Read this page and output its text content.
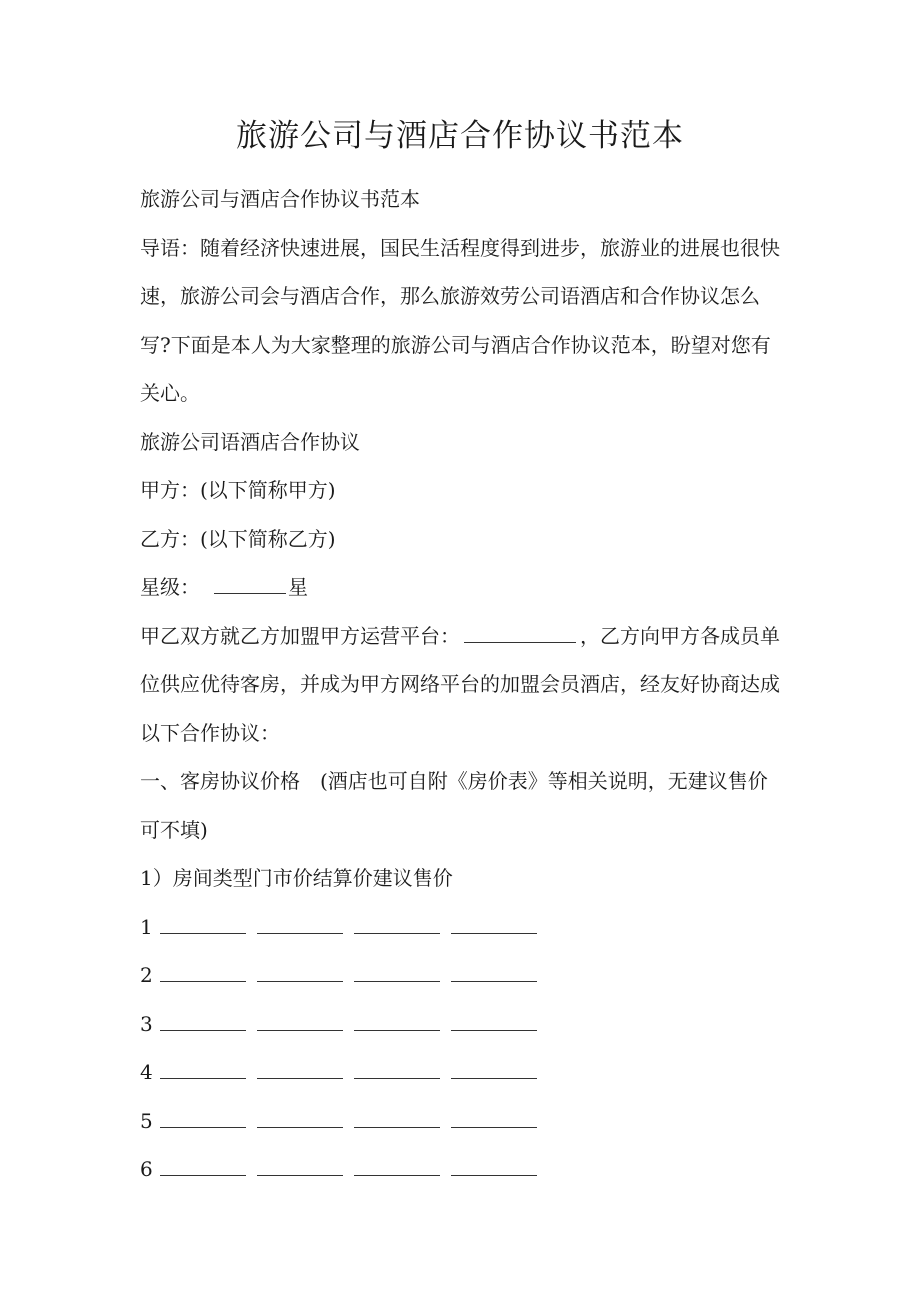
旅游公司与酒店合作协议书范本

旅游公司与酒店合作协议书范本

导语：随着经济快速进展，国民生活程度得到进步，旅游业的进展也很快速，旅游公司会与酒店合作，那么旅游效劳公司语酒店和合作协议怎么写?下面是本人为大家整理的旅游公司与酒店合作协议范本，盼望对您有关心。

旅游公司语酒店合作协议

甲方：(以下简称甲方)

乙方：(以下简称乙方)

星级：	星

甲乙双方就乙方加盟甲方运营平台：	，乙方向甲方各成员单位供应优待客房，并成为甲方网络平台的加盟会员酒店，经友好协商达成以下合作协议：

一、客房协议价格　(酒店也可自附《房价表》等相关说明，无建议售价可不填)

1）房间类型门市价结算价建议售价

1
2
3
4
5
6
